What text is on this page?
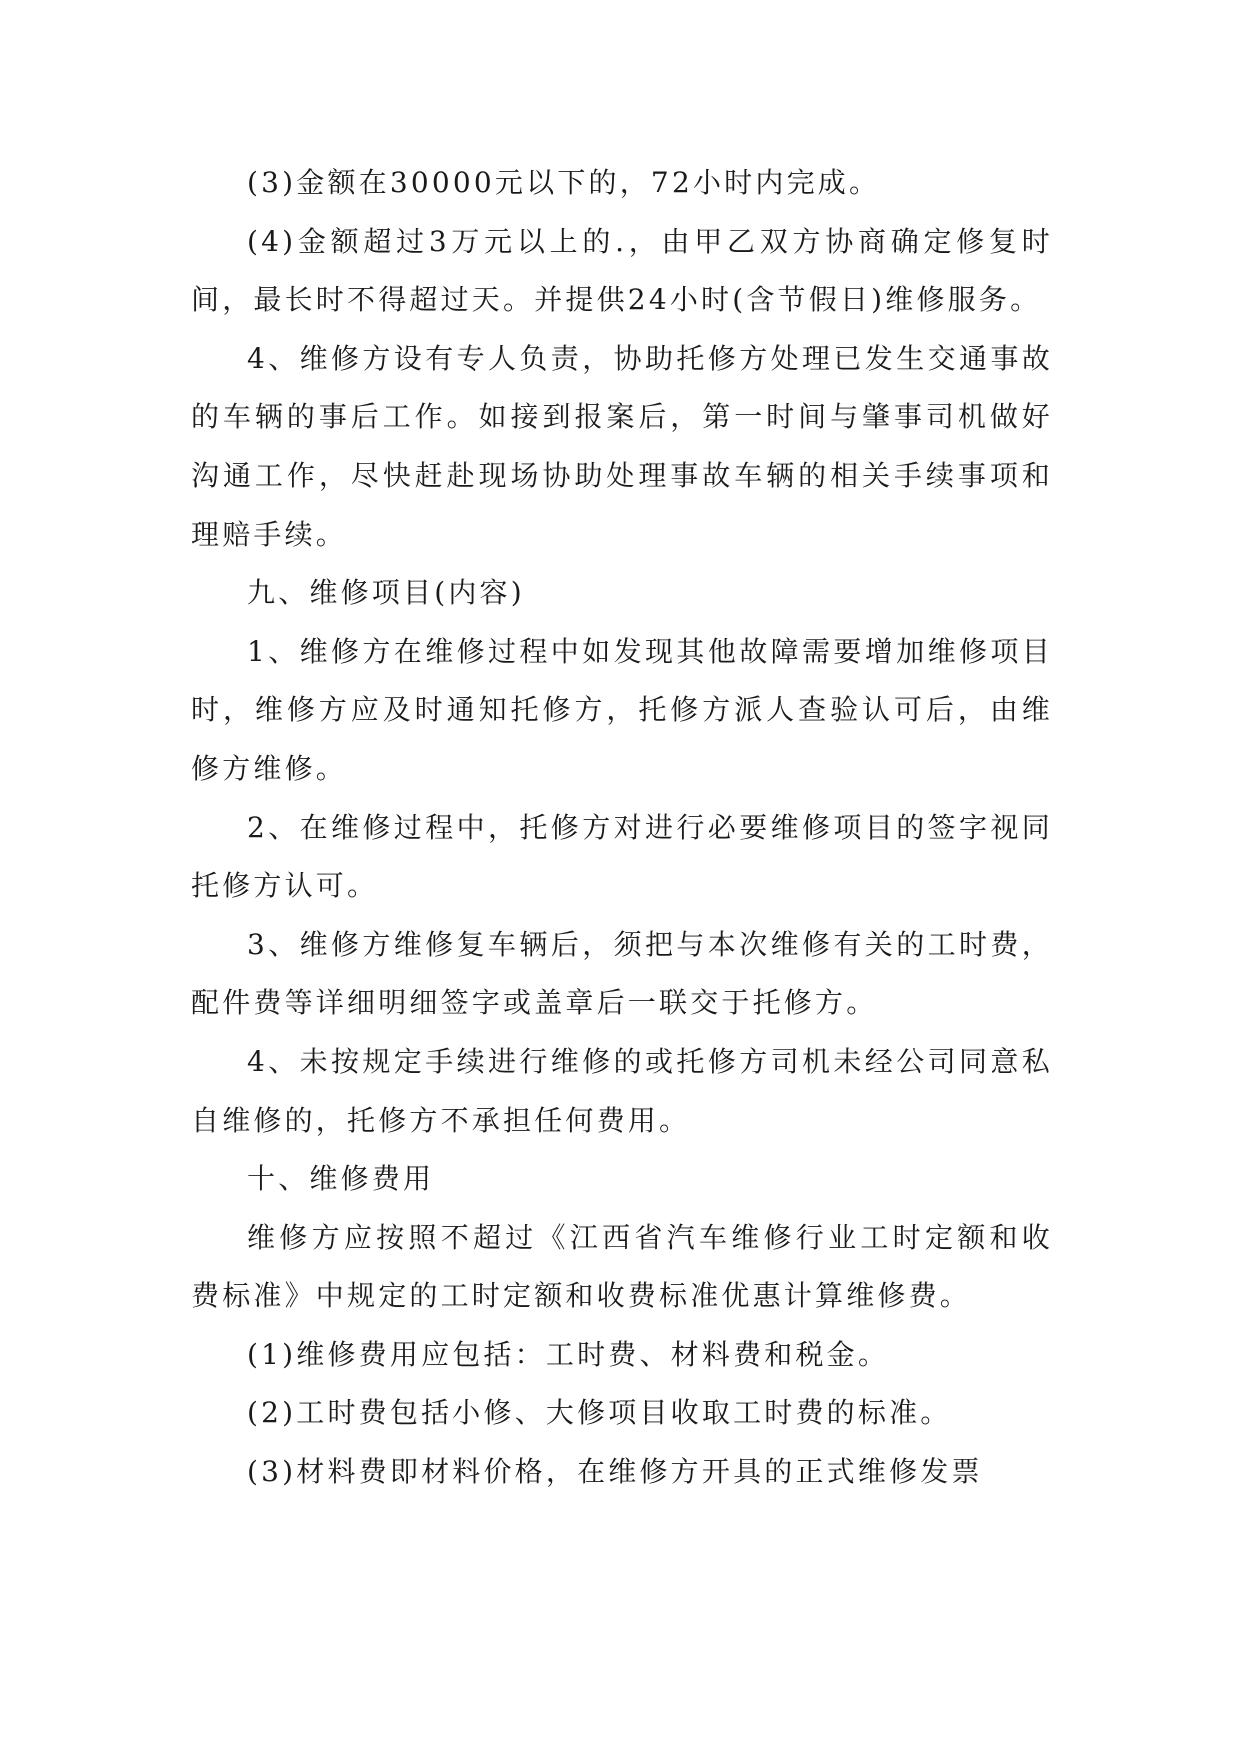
(3)金额在30000元以下的，72小时内完成。

(4)金额超过3万元以上的.，由甲乙双方协商确定修复时间，最长时不得超过天。并提供24小时(含节假日)维修服务。

4、维修方设有专人负责，协助托修方处理已发生交通事故的车辆的事后工作。如接到报案后，第一时间与肇事司机做好沟通工作，尽快赶赴现场协助处理事故车辆的相关手续事项和理赔手续。

九、维修项目(内容)

1、维修方在维修过程中如发现其他故障需要增加维修项目时，维修方应及时通知托修方，托修方派人查验认可后，由维修方维修。

2、在维修过程中，托修方对进行必要维修项目的签字视同托修方认可。

3、维修方维修复车辆后，须把与本次维修有关的工时费，配件费等详细明细签字或盖章后一联交于托修方。

4、未按规定手续进行维修的或托修方司机未经公司同意私自维修的，托修方不承担任何费用。

十、维修费用

维修方应按照不超过《江西省汽车维修行业工时定额和收费标准》中规定的工时定额和收费标准优惠计算维修费。

(1)维修费用应包括：工时费、材料费和税金。

(2)工时费包括小修、大修项目收取工时费的标准。

(3)材料费即材料价格，在维修方开具的正式维修发票
